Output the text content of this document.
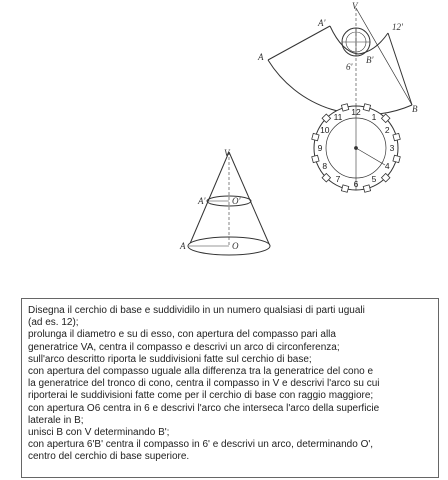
1
2
3
4
5
6
7
8
9
10
11 12
V
A'	12'
A
6'
B'
B
V
A'	O'
A	O
Disegna il cerchio di base e suddividilo in un numero qualsiasi di parti uguali
(ad es. 12);
prolunga il diametro e su di esso, con apertura del compasso pari alla
generatrice VA, centra il compasso e descrivi un arco di circonferenza;
sull'arco descritto riporta le suddivisioni fatte sul cerchio di base;
con apertura del compasso uguale alla differenza tra la generatrice del cono e
la generatrice del tronco di cono, centra il compasso in V e descrivi l'arco su cui
riporterai le suddivisioni fatte come per il cerchio di base con raggio maggiore;
con apertura O6 centra in 6 e descrivi l'arco che interseca l'arco della superficie
laterale in B;
unisci B con V determinando B';
con apertura 6'B' centra il compasso in 6' e descrivi un arco, determinando O',
centro del cerchio di base superiore.
